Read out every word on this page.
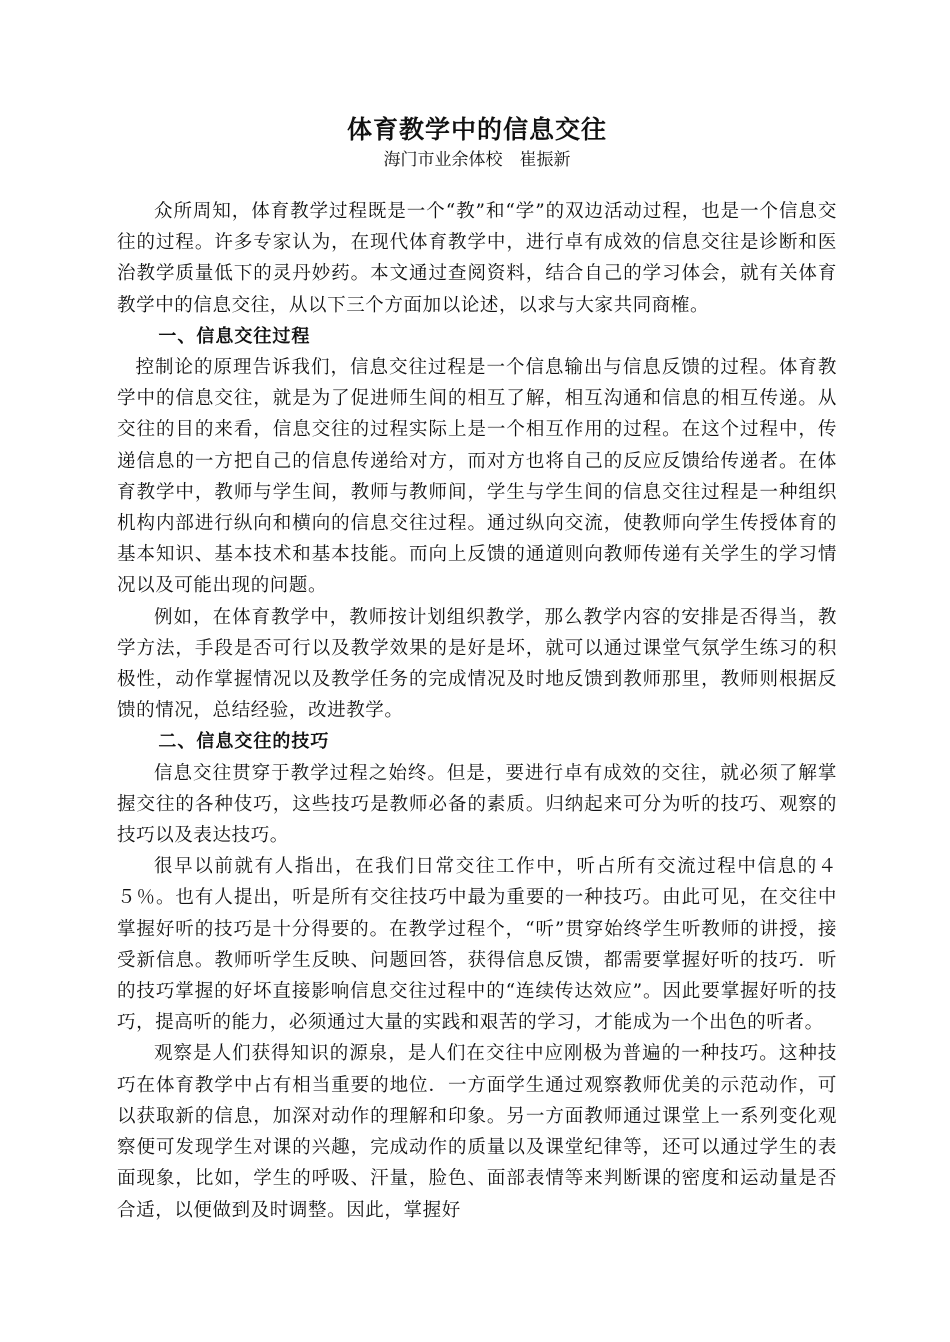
体育教学中的信息交往

海门市业余体校　崔振新

众所周知，体育教学过程既是一个“教”和“学”的双边活动过程，也是一个信息交往的过程。许多专家认为，在现代体育教学中，进行卓有成效的信息交往是诊断和医治教学质量低下的灵丹妙药。本文通过查阅资料，结合自己的学习体会，就有关体育教学中的信息交往，从以下三个方面加以论述，以求与大家共同商榷。

一、信息交往过程

控制论的原理告诉我们，信息交往过程是一个信息输出与信息反馈的过程。体育教学中的信息交往，就是为了促进师生间的相互了解，相互沟通和信息的相互传递。从交往的目的来看，信息交往的过程实际上是一个相互作用的过程。在这个过程中，传递信息的一方把自己的信息传递给对方，而对方也将自己的反应反馈给传递者。在体育教学中，教师与学生间，教师与教师间，学生与学生间的信息交往过程是一种组织机构内部进行纵向和横向的信息交往过程。通过纵向交流，使教师向学生传授体育的基本知识、基本技术和基本技能。而向上反馈的通道则向教师传递有关学生的学习情况以及可能出现的问题。

例如，在体育教学中，教师按计划组织教学，那么教学内容的安排是否得当，教学方法，手段是否可行以及教学效果的是好是坏，就可以通过课堂气氛学生练习的积极性，动作掌握情况以及教学任务的完成情况及时地反馈到教师那里，教师则根据反馈的情况，总结经验，改进教学。

二、信息交往的技巧

信息交往贯穿于教学过程之始终。但是，要进行卓有成效的交往，就必须了解掌握交往的各种伎巧，这些技巧是教师必备的素质。归纳起来可分为听的技巧、观察的技巧以及表达技巧。

很早以前就有人指出，在我们日常交往工作中，听占所有交流过程中信息的４５％。也有人提出，听是所有交往技巧中最为重要的一种技巧。由此可见，在交往中掌握好听的技巧是十分得要的。在教学过程个，“听”贯穿始终学生听教师的讲授，接受新信息。教师听学生反映、问题回答，获得信息反馈，都需要掌握好听的技巧．听的技巧掌握的好坏直接影响信息交往过程中的“连续传达效应”。因此要掌握好听的技巧，提高听的能力，必须通过大量的实践和艰苦的学习，才能成为一个出色的听者。

观察是人们获得知识的源泉，是人们在交往中应刚极为普遍的一种技巧。这种技巧在体育教学中占有相当重要的地位．一方面学生通过观察教师优美的示范动作，可以获取新的信息，加深对动作的理解和印象。另一方面教师通过课堂上一系列变化观察便可发现学生对课的兴趣，完成动作的质量以及课堂纪律等，还可以通过学生的表面现象，比如，学生的呼吸、汗量，脸色、面部表情等来判断课的密度和运动量是否合适，以便做到及时调整。因此，掌握好
